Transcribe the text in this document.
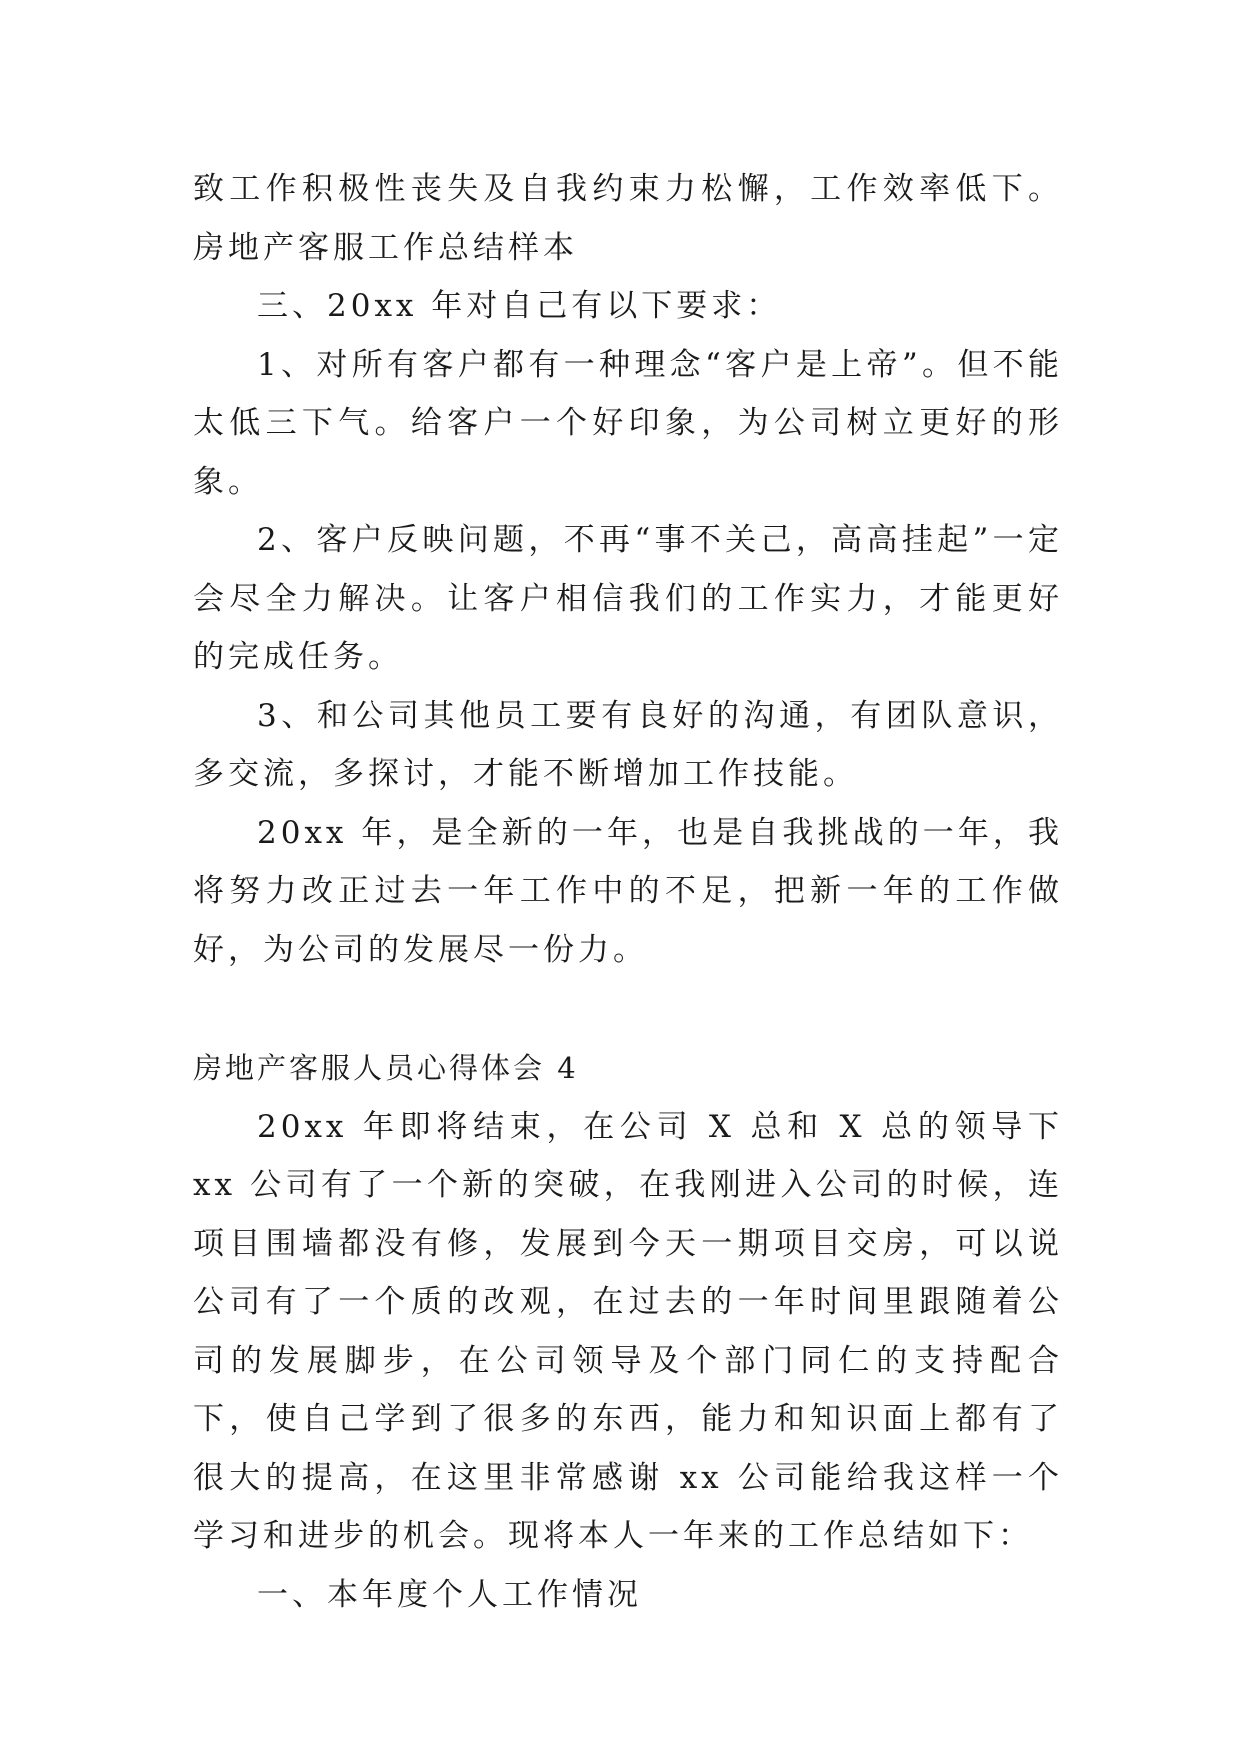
致工作积极性丧失及自我约束力松懈，工作效率低下。房地产客服工作总结样本

三、20xx 年对自己有以下要求：

1、对所有客户都有一种理念“客户是上帝”。但不能太低三下气。给客户一个好印象，为公司树立更好的形象。

2、客户反映问题，不再“事不关己，高高挂起”一定会尽全力解决。让客户相信我们的工作实力，才能更好的完成任务。

3、和公司其他员工要有良好的沟通，有团队意识，多交流，多探讨，才能不断增加工作技能。

20xx 年，是全新的一年，也是自我挑战的一年，我将努力改正过去一年工作中的不足，把新一年的工作做好，为公司的发展尽一份力。

房地产客服人员心得体会 4

20xx 年即将结束，在公司 X 总和 X 总的领导下 xx 公司有了一个新的突破，在我刚进入公司的时候，连项目围墙都没有修，发展到今天一期项目交房，可以说公司有了一个质的改观，在过去的一年时间里跟随着公司的发展脚步，在公司领导及个部门同仁的支持配合下，使自己学到了很多的东西，能力和知识面上都有了很大的提高，在这里非常感谢 xx 公司能给我这样一个学习和进步的机会。现将本人一年来的工作总结如下：

一、本年度个人工作情况
